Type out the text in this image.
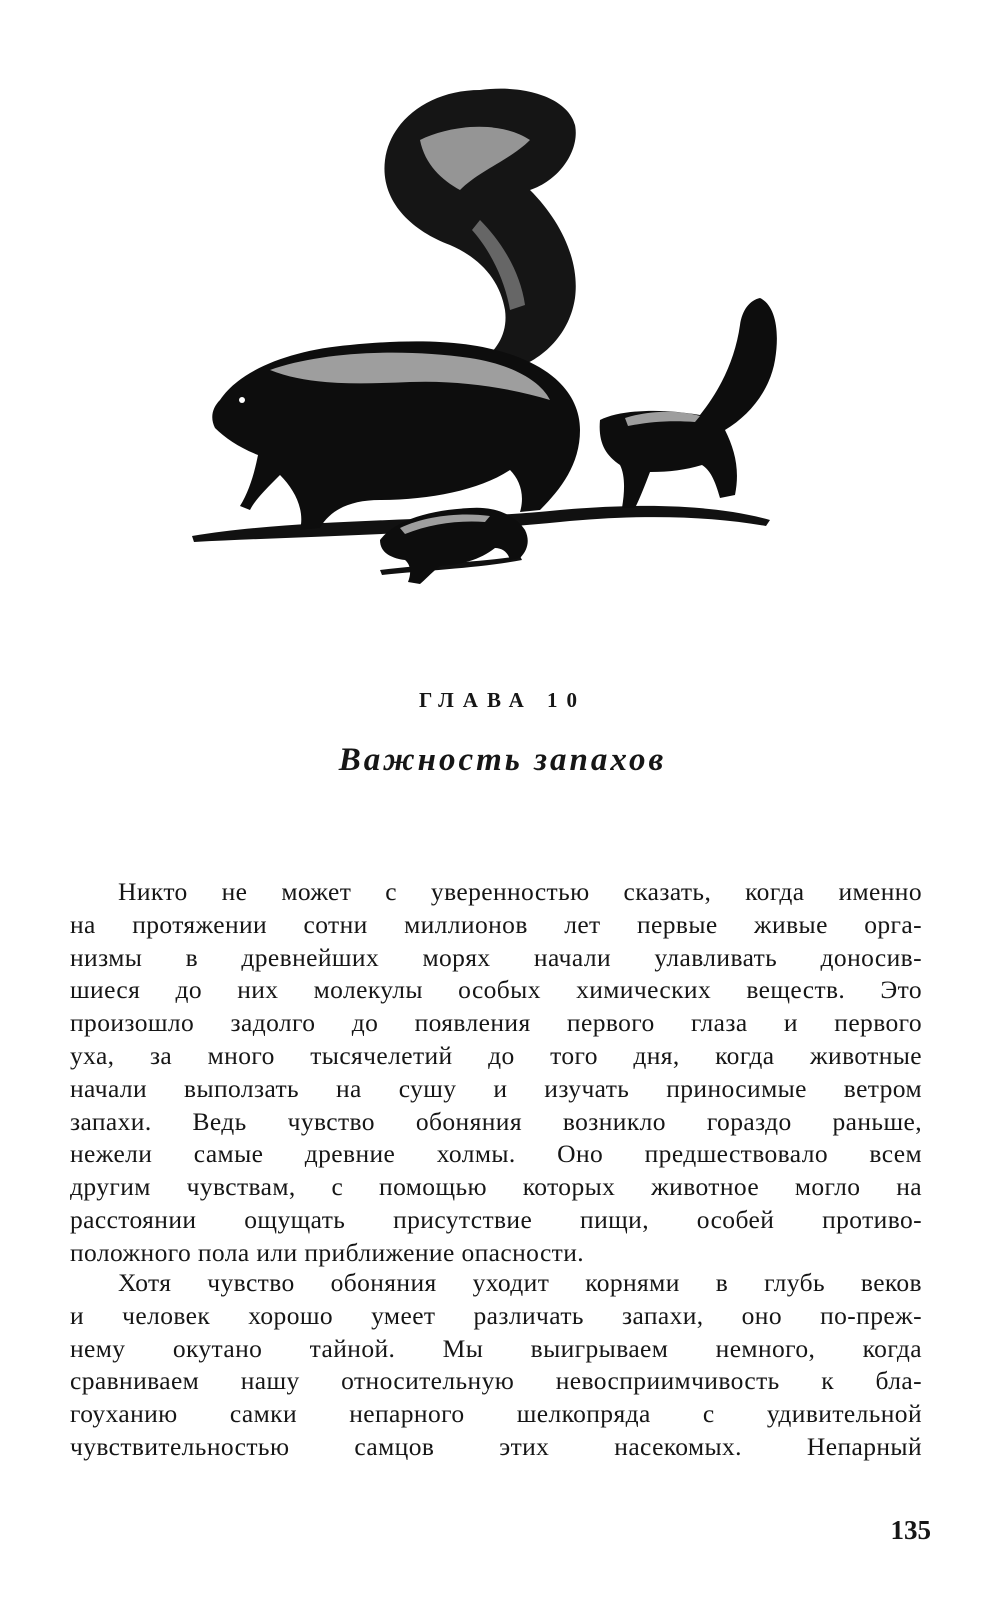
ГЛАВА 10
Важность запахов

Никто не может с уверенностью сказать, когда именно
на протяжении сотни миллионов лет первые живые орга-
низмы в древнейших морях начали улавливать доносив-
шиеся до них молекулы особых химических веществ. Это
произошло задолго до появления первого глаза и первого
уха, за много тысячелетий до того дня, когда животные
начали выползать на сушу и изучать приносимые ветром
запахи. Ведь чувство обоняния возникло гораздо раньше,
нежели самые древние холмы. Оно предшествовало всем
другим чувствам, с помощью которых животное могло на
расстоянии ощущать присутствие пищи, особей противо-
положного пола или приближение опасности.

Хотя чувство обоняния уходит корнями в глубь веков
и человек хорошо умеет различать запахи, оно по-преж-
нему окутано тайной. Мы выигрываем немного, когда
сравниваем нашу относительную невосприимчивость к бла-
гоуханию самки непарного шелкопряда с удивительной
чувствительностью самцов этих насекомых. Непарный

135
